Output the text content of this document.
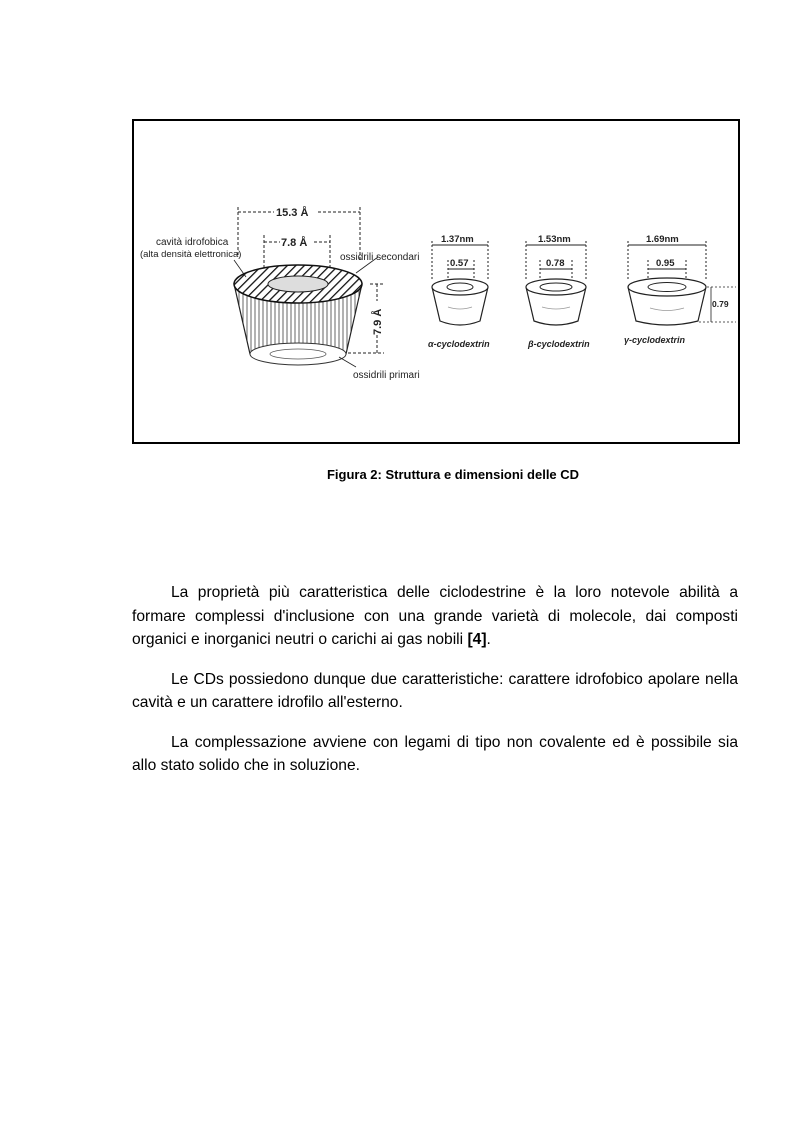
15.3 Å
7.8 Å
7.9 Å
cavità idrofobica
(alta densità elettronica)	ossidrili secondari
ossidrili primari
1.37nm
0.57
α-cyclodextrin
1.53nm
0.78
β-cyclodextrin
1.69nm
0.95
0.79
γ-cyclodextrin
Figura 2: Struttura e dimensioni delle CD

La proprietà più caratteristica delle ciclodestrine è la loro notevole abilità a formare complessi d'inclusione con una grande varietà di molecole, dai composti organici e inorganici neutri o carichi ai gas nobili [4].

Le CDs possiedono dunque due caratteristiche: carattere idrofobico apolare nella cavità e un carattere idrofilo all'esterno.

La complessazione avviene con legami di tipo non covalente ed è possibile sia allo stato solido che in soluzione.
